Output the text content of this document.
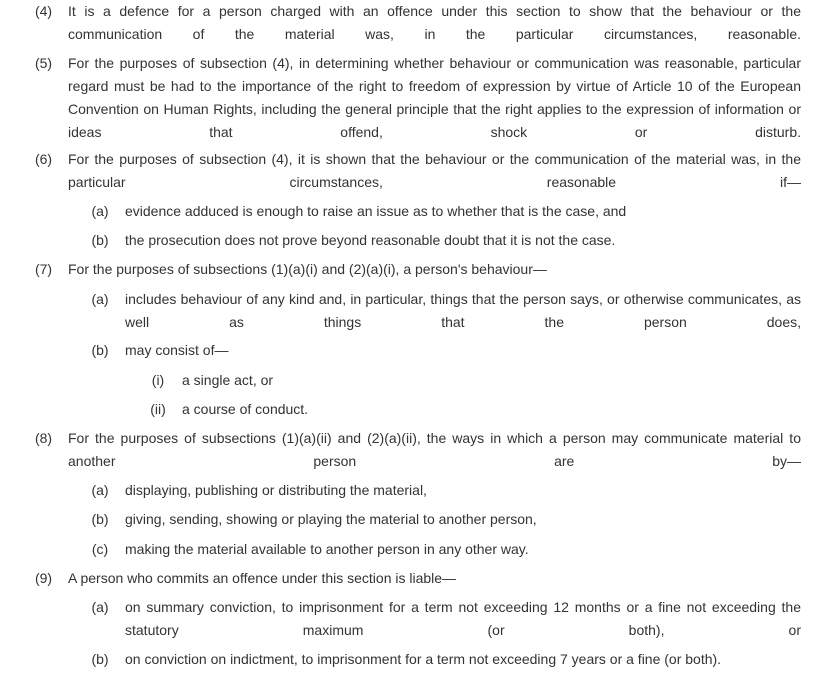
(4) It is a defence for a person charged with an offence under this section to show that the behaviour or the communication of the material was, in the particular circumstances, reasonable.
(5) For the purposes of subsection (4), in determining whether behaviour or communication was reasonable, particular regard must be had to the importance of the right to freedom of expression by virtue of Article 10 of the European Convention on Human Rights, including the general principle that the right applies to the expression of information or ideas that offend, shock or disturb.
(6) For the purposes of subsection (4), it is shown that the behaviour or the communication of the material was, in the particular circumstances, reasonable if—
(a) evidence adduced is enough to raise an issue as to whether that is the case, and
(b) the prosecution does not prove beyond reasonable doubt that it is not the case.
(7) For the purposes of subsections (1)(a)(i) and (2)(a)(i), a person's behaviour—
(a) includes behaviour of any kind and, in particular, things that the person says, or otherwise communicates, as well as things that the person does,
(b) may consist of—
(i)	a single act, or
(ii)	a course of conduct.
(8) For the purposes of subsections (1)(a)(ii) and (2)(a)(ii), the ways in which a person may communicate material to another person are by—
(a) displaying, publishing or distributing the material,
(b) giving, sending, showing or playing the material to another person,
(c) making the material available to another person in any other way.
(9) A person who commits an offence under this section is liable—
(a) on summary conviction, to imprisonment for a term not exceeding 12 months or a fine not exceeding the statutory maximum (or both), or
(b) on conviction on indictment, to imprisonment for a term not exceeding 7 years or a fine (or both).
